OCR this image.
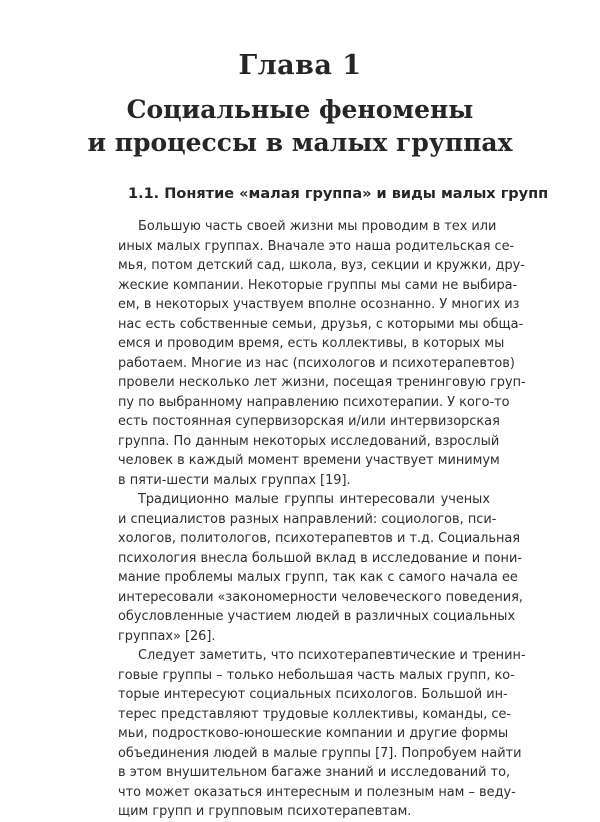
Глава 1
Социальные феномены
и процессы в малых группах
1.1. Понятие «малая группа» и виды малых групп
Большую часть своей жизни мы проводим в тех или
иных малых группах. Вначале это наша родительская се-
мья, потом детский сад, школа, вуз, секции и кружки, дру-
жеские компании. Некоторые группы мы сами не выбира-
ем, в некоторых участвуем вполне осознанно. У многих из
нас есть собственные семьи, друзья, с которыми мы обща-
емся и проводим время, есть коллективы, в которых мы
работаем. Многие из нас (психологов и психотерапевтов)
провели несколько лет жизни, посещая тренинговую груп-
пу по выбранному направлению психотерапии. У кого-то
есть постоянная супервизорская и/или интервизорская
группа. По данным некоторых исследований, взрослый
человек в каждый момент времени участвует минимум
в пяти-шести малых группах [19].
Традиционно малые группы интересовали ученых
и специалистов разных направлений: социологов, пси-
хологов, политологов, психотерапевтов и т.д. Социальная
психология внесла большой вклад в исследование и пони-
мание проблемы малых групп, так как с самого начала ее
интересовали «закономерности человеческого поведения,
обусловленные участием людей в различных социальных
группах» [26].
Следует заметить, что психотерапевтические и тренин-
говые группы – только небольшая часть малых групп, ко-
торые интересуют социальных психологов. Большой ин-
терес представляют трудовые коллективы, команды, се-
мьи, подростково-юношеские компании и другие формы
объединения людей в малые группы [7]. Попробуем найти
в этом внушительном багаже знаний и исследований то,
что может оказаться интересным и полезным нам – веду-
щим групп и групповым психотерапевтам.
